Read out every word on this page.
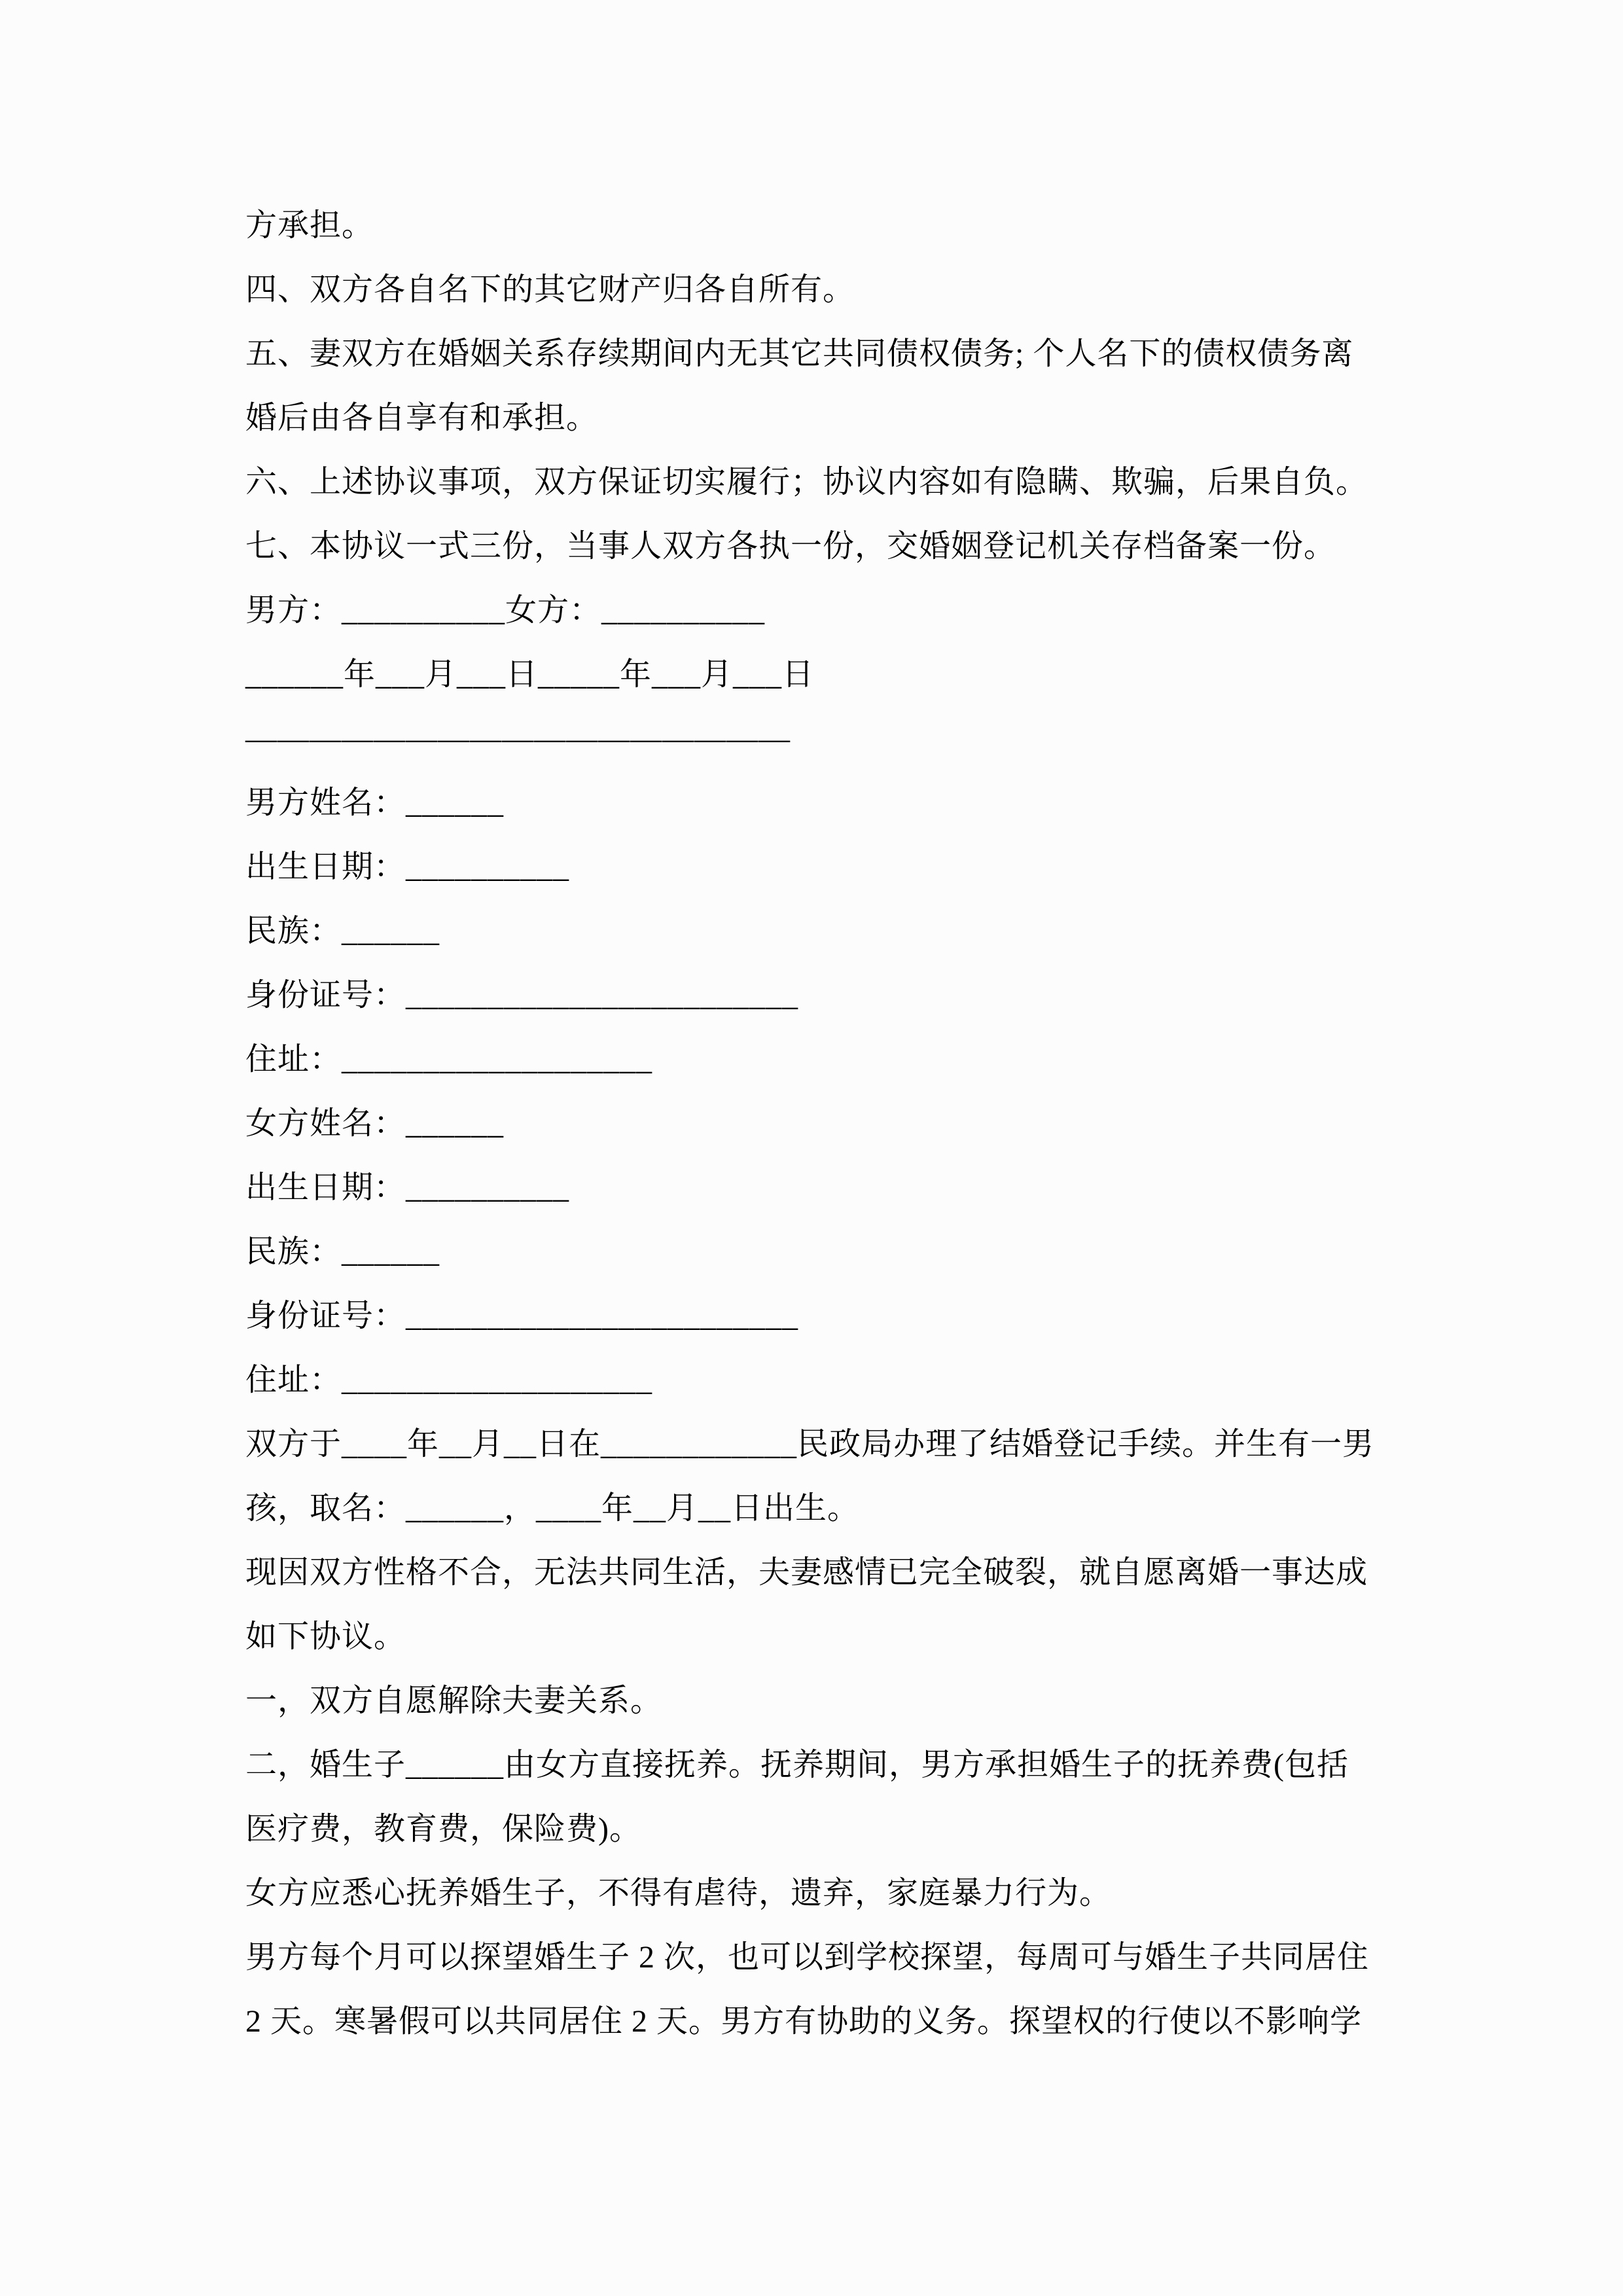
方承担。

四、双方各自名下的其它财产归各自所有。

五、妻双方在婚姻关系存续期间内无其它共同债权债务; 个人名下的债权债务离

婚后由各自享有和承担。

六、上述协议事项，双方保证切实履行；协议内容如有隐瞒、欺骗，后果自负。

七、本协议一式三份，当事人双方各执一份，交婚姻登记机关存档备案一份。

男方：__________女方：__________

______年___月___日_____年___月___日

—————————————————

男方姓名：______

出生日期：__________

民族：______

身份证号：________________________

住址：___________________

女方姓名：______

出生日期：__________

民族：______

身份证号：________________________

住址：___________________

双方于____年__月__日在____________民政局办理了结婚登记手续。并生有一男

孩，取名：______，____年__月__日出生。

现因双方性格不合，无法共同生活，夫妻感情已完全破裂，就自愿离婚一事达成

如下协议。

一，双方自愿解除夫妻关系。

二，婚生子______由女方直接抚养。抚养期间，男方承担婚生子的抚养费(包括

医疗费，教育费，保险费)。

女方应悉心抚养婚生子，不得有虐待，遗弃，家庭暴力行为。

男方每个月可以探望婚生子 2 次，也可以到学校探望，每周可与婚生子共同居住

2 天。寒暑假可以共同居住 2 天。男方有协助的义务。探望权的行使以不影响学
